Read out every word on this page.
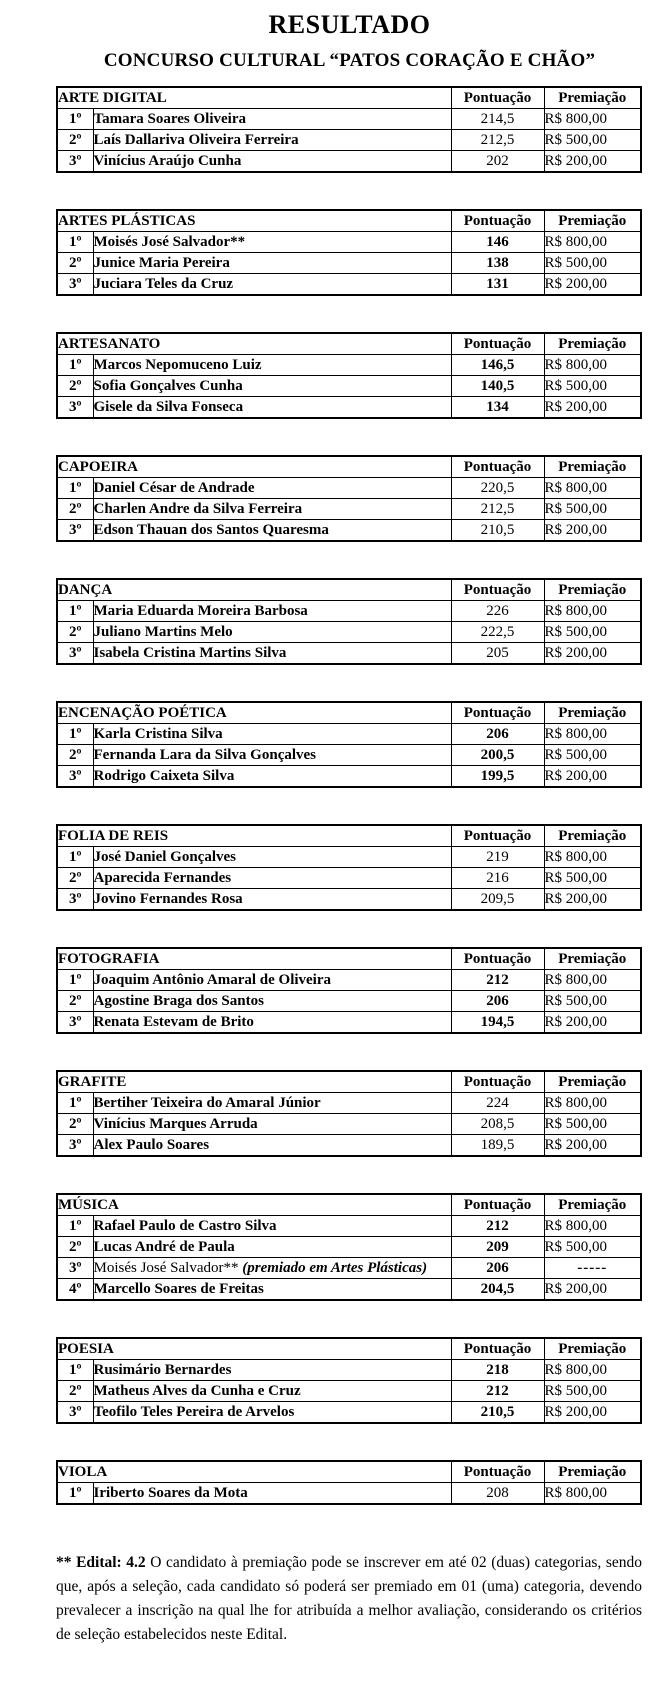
RESULTADO
CONCURSO CULTURAL “PATOS CORAÇÃO E CHÃO”
ARTE DIGITAL		Pontuação	Premiação
1º	Tamara Soares Oliveira	214,5	R$ 800,00
2º	Laís Dallariva Oliveira Ferreira	212,5	R$ 500,00
3º	Vinícius Araújo Cunha	202	R$ 200,00
ARTES PLÁSTICAS		Pontuação	Premiação
1º	Moisés José Salvador**	146	R$ 800,00
2º	Junice Maria Pereira	138	R$ 500,00
3º	Juciara Teles da Cruz	131	R$ 200,00
ARTESANATO		Pontuação	Premiação
1º	Marcos Nepomuceno Luiz	146,5	R$ 800,00
2º	Sofia Gonçalves Cunha	140,5	R$ 500,00
3º	Gisele da Silva Fonseca	134	R$ 200,00
CAPOEIRA		Pontuação	Premiação
1º	Daniel César de Andrade	220,5	R$ 800,00
2º	Charlen Andre da Silva Ferreira	212,5	R$ 500,00
3º	Edson Thauan dos Santos Quaresma	210,5	R$ 200,00
DANÇA		Pontuação	Premiação
1º	Maria Eduarda Moreira Barbosa	226	R$ 800,00
2º	Juliano Martins Melo	222,5	R$ 500,00
3º	Isabela Cristina Martins Silva	205	R$ 200,00
ENCENAÇÃO POÉTICA		Pontuação	Premiação
1º	Karla Cristina Silva	206	R$ 800,00
2º	Fernanda Lara da Silva Gonçalves	200,5	R$ 500,00
3º	Rodrigo Caixeta Silva	199,5	R$ 200,00
FOLIA DE REIS		Pontuação	Premiação
1º	José Daniel Gonçalves	219	R$ 800,00
2º	Aparecida Fernandes	216	R$ 500,00
3º	Jovino Fernandes Rosa	209,5	R$ 200,00
FOTOGRAFIA		Pontuação	Premiação
1º	Joaquim Antônio Amaral de Oliveira	212	R$ 800,00
2º	Agostine Braga dos Santos	206	R$ 500,00
3º	Renata Estevam de Brito	194,5	R$ 200,00
GRAFITE		Pontuação	Premiação
1º	Bertiher Teixeira do Amaral Júnior	224	R$ 800,00
2º	Vinícius Marques Arruda	208,5	R$ 500,00
3º	Alex Paulo Soares	189,5	R$ 200,00
MÚSICA		Pontuação	Premiação
1º	Rafael Paulo de Castro Silva	212	R$ 800,00
2º	Lucas André de Paula	209	R$ 500,00
3º	Moisés José Salvador** (premiado em Artes Plásticas)	206	-----
4º	Marcello Soares de Freitas	204,5	R$ 200,00
POESIA		Pontuação	Premiação
1º	Rusimário Bernardes	218	R$ 800,00
2º	Matheus Alves da Cunha e Cruz	212	R$ 500,00
3º	Teofilo Teles Pereira de Arvelos	210,5	R$ 200,00
VIOLA		Pontuação	Premiação
1º	Iriberto Soares da Mota	208	R$ 800,00

** Edital: 4.2 O candidato à premiação pode se inscrever em até 02 (duas) categorias, sendo que, após a seleção, cada candidato só poderá ser premiado em 01 (uma) categoria, devendo prevalecer a inscrição na qual lhe for atribuída a melhor avaliação, considerando os critérios de seleção estabelecidos neste Edital.
